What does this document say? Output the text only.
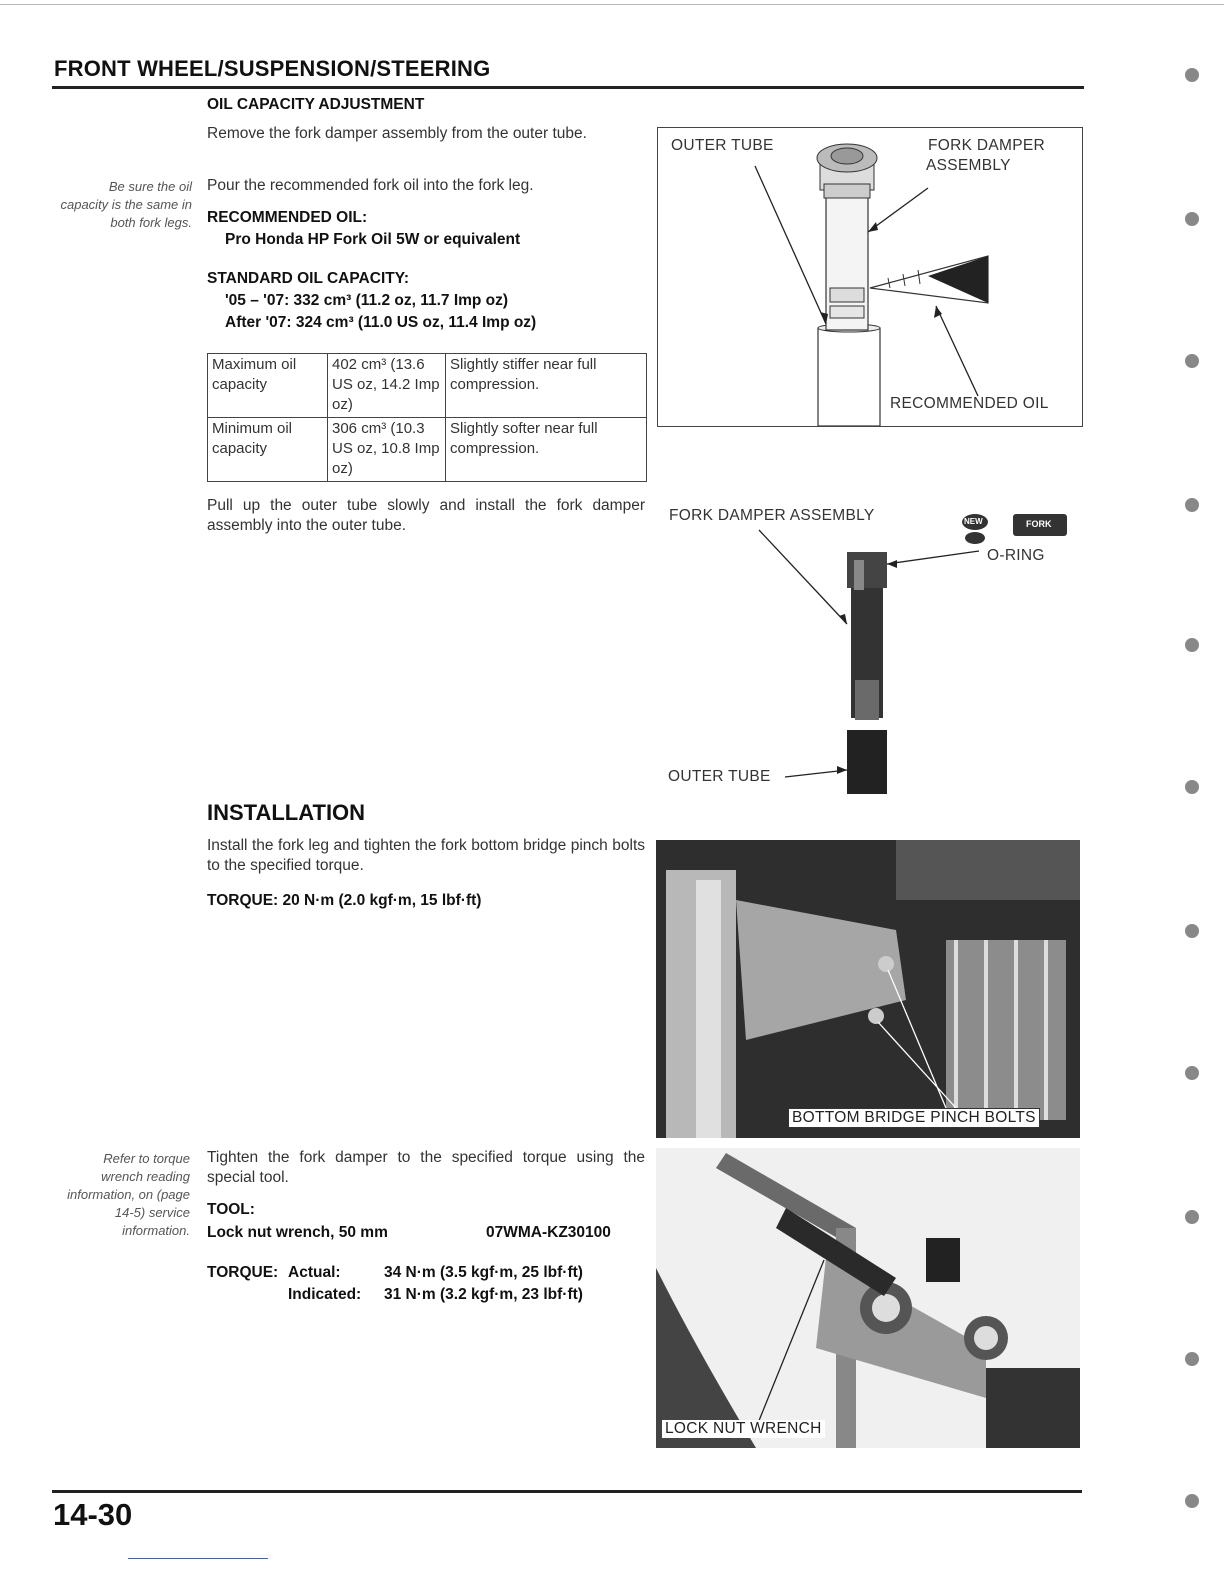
FRONT WHEEL/SUSPENSION/STEERING
OIL CAPACITY ADJUSTMENT
Remove the fork damper assembly from the outer tube.
Pour the recommended fork oil into the fork leg.
Be sure the oil capacity is the same in both fork legs. RECOMMENDED OIL:
Pro Honda HP Fork Oil 5W or equivalent
STANDARD OIL CAPACITY:
'05 – '07: 332 cm³ (11.2 oz, 11.7 Imp oz)
After '07: 324 cm³ (11.0 US oz, 11.4 Imp oz)
Maximum oil capacity	402 cm³ (13.6 US oz, 14.2 Imp oz)	Slightly stiffer near full compression.
Minimum oil capacity	306 cm³ (10.3 US oz, 10.8 Imp oz)	Slightly softer near full compression.
Pull up the outer tube slowly and install the fork damper assembly into the outer tube.
OUTER TUBE	FORK DAMPER
ASSEMBLY
RECOMMENDED OIL
FORK DAMPER ASSEMBLY
O-RING
OUTER TUBE
NEW	FORK
INSTALLATION
Install the fork leg and tighten the fork bottom bridge pinch bolts to the specified torque.
TORQUE: 20 N·m (2.0 kgf·m, 15 lbf·ft)
BOTTOM BRIDGE PINCH BOLTS
Refer to torque wrench reading information, on (page 14-5) service information.
Tighten the fork damper to the specified torque using the special tool.
TOOL:
Lock nut wrench, 50 mm	07WMA-KZ30100
TORQUE: Actual:	34 N·m (3.5 kgf·m, 25 lbf·ft)
Indicated: 31 N·m (3.2 kgf·m, 23 lbf·ft)
LOCK NUT WRENCH
14-30
